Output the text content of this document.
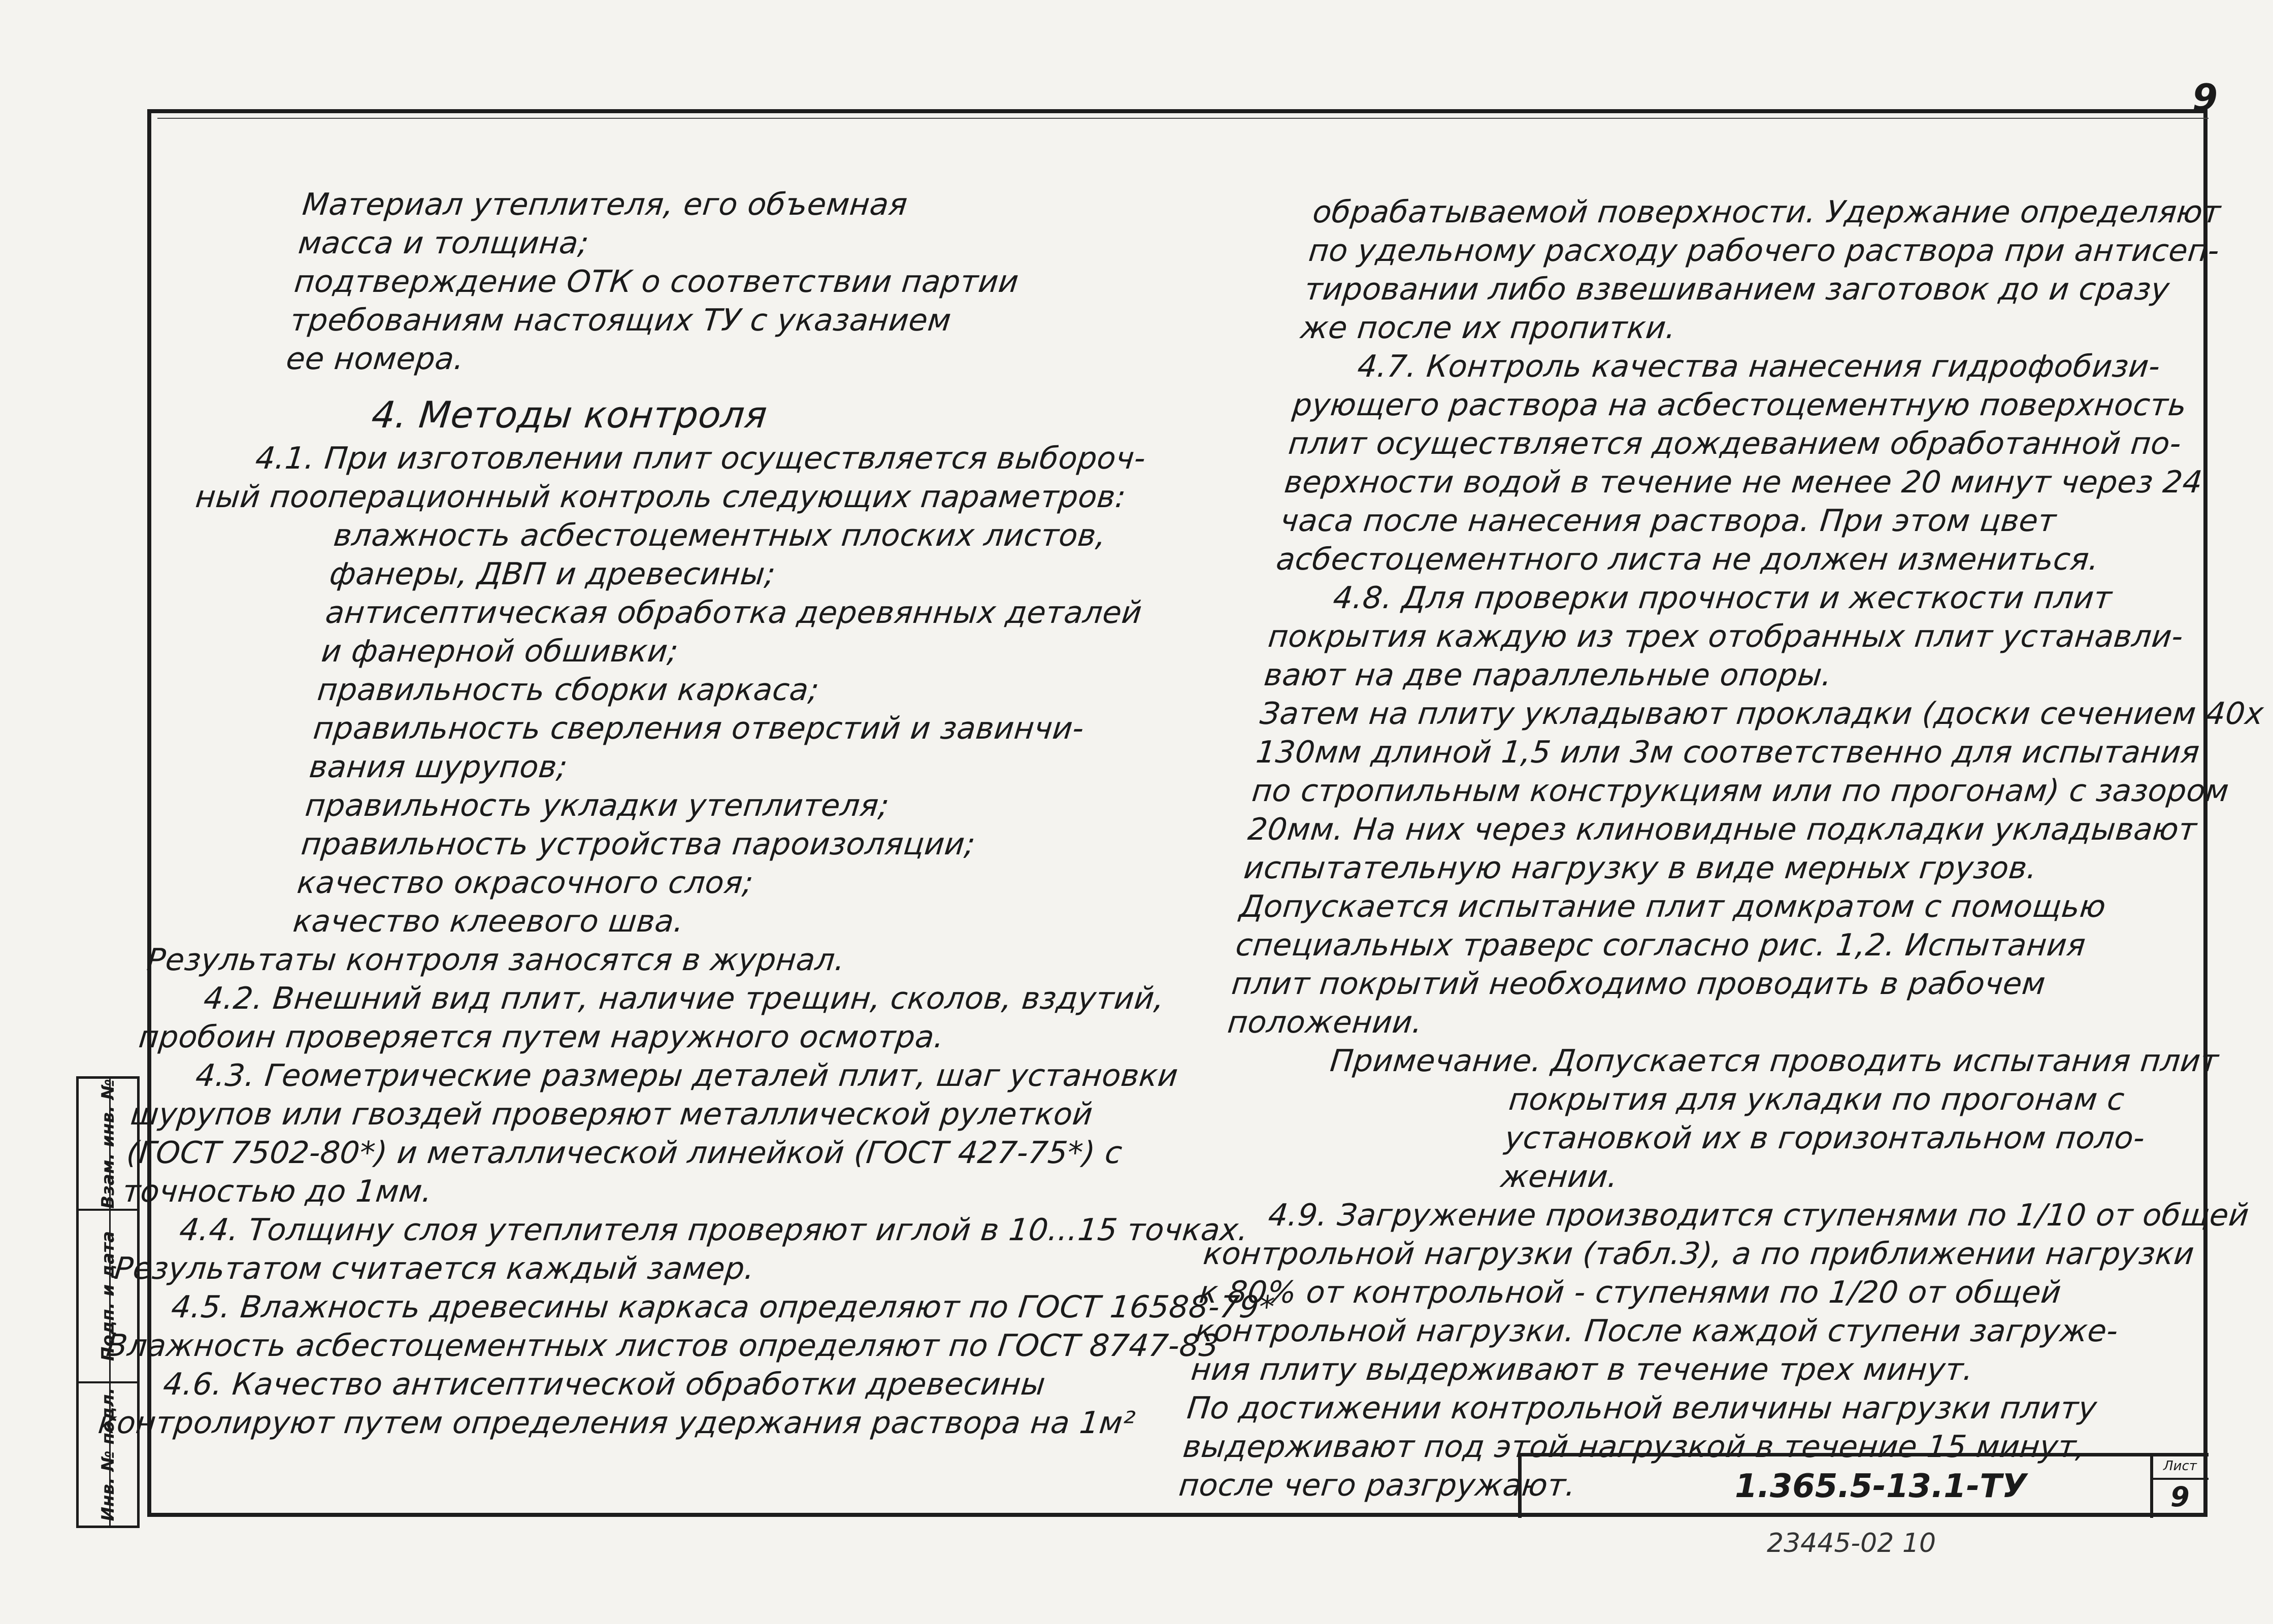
9
Материал утеплителя, его объемная
масса и толщина;
подтверждение ОТК о соответствии партии
требованиям настоящих ТУ с указанием
ее номера.
4. Методы контроля
4.1. При изготовлении плит осуществляется выбороч-
ный пооперационный контроль следующих параметров:
влажность асбестоцементных плоских листов,
фанеры, ДВП и древесины;
антисептическая обработка деревянных деталей
и фанерной обшивки;
правильность сборки каркаса;
правильность сверления отверстий и завинчи-
вания шурупов;
правильность укладки утеплителя;
правильность устройства пароизоляции;
качество окрасочного слоя;
качество клеевого шва.
Результаты контроля заносятся в журнал.
4.2. Внешний вид плит, наличие трещин, сколов, вздутий,
пробоин проверяется путем наружного осмотра.
4.3. Геометрические размеры деталей плит, шаг установки
шурупов или гвоздей проверяют металлической рулеткой
(ГОСТ 7502-80*) и металлической линейкой (ГОСТ 427-75*) с
точностью до 1мм.
4.4. Толщину слоя утеплителя проверяют иглой в 10...15 точках.
Результатом считается каждый замер.
4.5. Влажность древесины каркаса определяют по ГОСТ 16588-79*
Влажность асбестоцементных листов определяют по ГОСТ 8747-83
4.6. Качество антисептической обработки древесины
контролируют путем определения удержания раствора на 1м²
обрабатываемой поверхности. Удержание определяют
по удельному расходу рабочего раствора при антисеп-
тировании либо взвешиванием заготовок до и сразу
же после их пропитки.
4.7. Контроль качества нанесения гидрофобизи-
рующего раствора на асбестоцементную поверхность
плит осуществляется дождеванием обработанной по-
верхности водой в течение не менее 20 минут через 24
часа после нанесения раствора. При этом цвет
асбестоцементного листа не должен измениться.
4.8. Для проверки прочности и жесткости плит
покрытия каждую из трех отобранных плит устанавли-
вают на две параллельные опоры.
Затем на плиту укладывают прокладки (доски сечением 40х
130мм длиной 1,5 или 3м соответственно для испытания
по стропильным конструкциям или по прогонам) с зазором
20мм. На них через клиновидные подкладки укладывают
испытательную нагрузку в виде мерных грузов.
Допускается испытание плит домкратом с помощью
специальных траверс согласно рис. 1,2. Испытания
плит покрытий необходимо проводить в рабочем
положении.
Примечание. Допускается проводить испытания плит
покрытия для укладки по прогонам с
установкой их в горизонтальном поло-
жении.
4.9. Загружение производится ступенями по 1/10 от общей
контрольной нагрузки (табл.3), а по приближении нагрузки
к 80% от контрольной - ступенями по 1/20 от общей
контрольной нагрузки. После каждой ступени загруже-
ния плиту выдерживают в течение трех минут.
По достижении контрольной величины нагрузки плиту
выдерживают под этой нагрузкой в течение 15 минут,
после чего разгружают.
Взам. инв. №
Подп. и дата
Инв. № подл.	1.365.5-13.1-ТУ
Лист
9
23445-02 10
